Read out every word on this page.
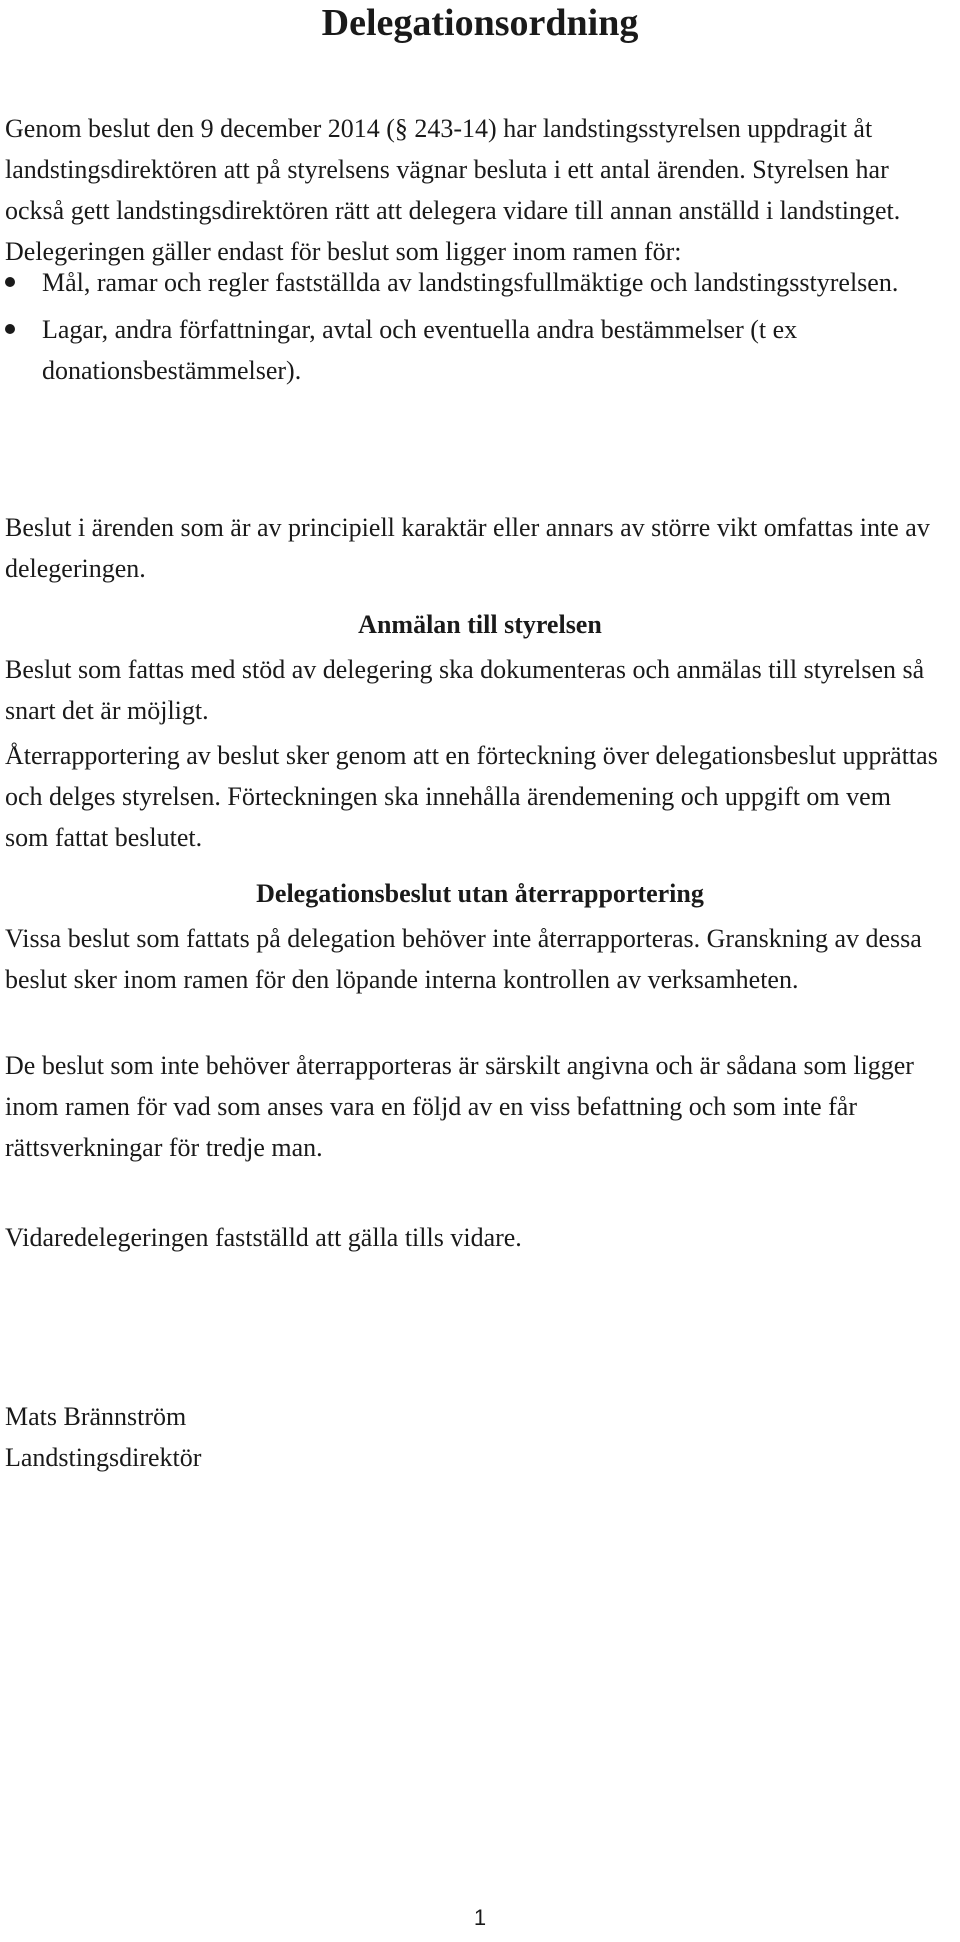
Delegationsordning

Genom beslut den 9 december 2014 (§ 243-14) har landstingsstyrelsen uppdragit åt landstingsdirektören att på styrelsens vägnar besluta i ett antal ärenden. Styrelsen har också gett landstingsdirektören rätt att delegera vidare till annan anställd i landstinget.

Delegeringen gäller endast för beslut som ligger inom ramen för:

Mål, ramar och regler fastställda av landstingsfullmäktige och landstingsstyrelsen.
Lagar, andra författningar, avtal och eventuella andra bestämmelser (t ex donationsbestämmelser).

Beslut i ärenden som är av principiell karaktär eller annars av större vikt omfattas inte av delegeringen.

Anmälan till styrelsen

Beslut som fattas med stöd av delegering ska dokumenteras och anmälas till styrelsen så snart det är möjligt.

Återrapportering av beslut sker genom att en förteckning över delegationsbeslut upprättas och delges styrelsen. Förteckningen ska innehålla ärendemening och uppgift om vem som fattat beslutet.

Delegationsbeslut utan återrapportering

Vissa beslut som fattats på delegation behöver inte återrapporteras. Granskning av dessa beslut sker inom ramen för den löpande interna kontrollen av verksamheten.

De beslut som inte behöver återrapporteras är särskilt angivna och är sådana som ligger inom ramen för vad som anses vara en följd av en viss befattning och som inte får rättsverkningar för tredje man.

Vidaredelegeringen fastställd att gälla tills vidare.

Mats Brännström

Landstingsdirektör

1
